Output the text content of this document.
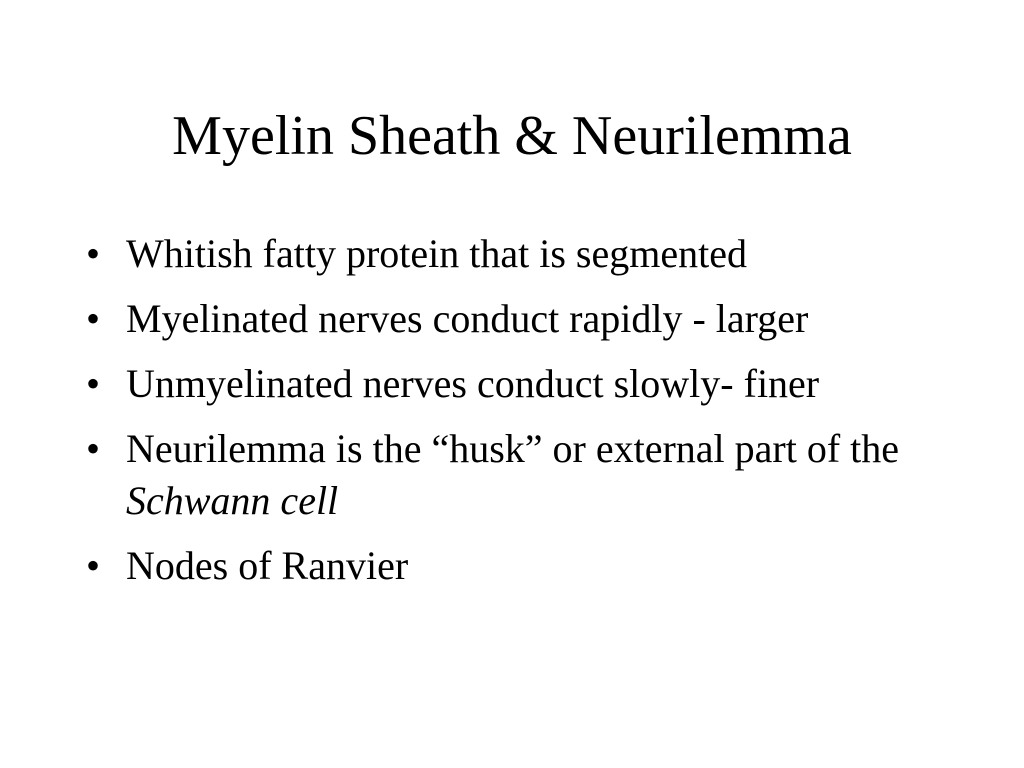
Myelin Sheath & Neurilemma
• Whitish fatty protein that is segmented
• Myelinated nerves conduct rapidly - larger
• Unmyelinated nerves conduct slowly- finer
• Neurilemma is the “husk” or external part of the Schwann cell
• Nodes of Ranvier
